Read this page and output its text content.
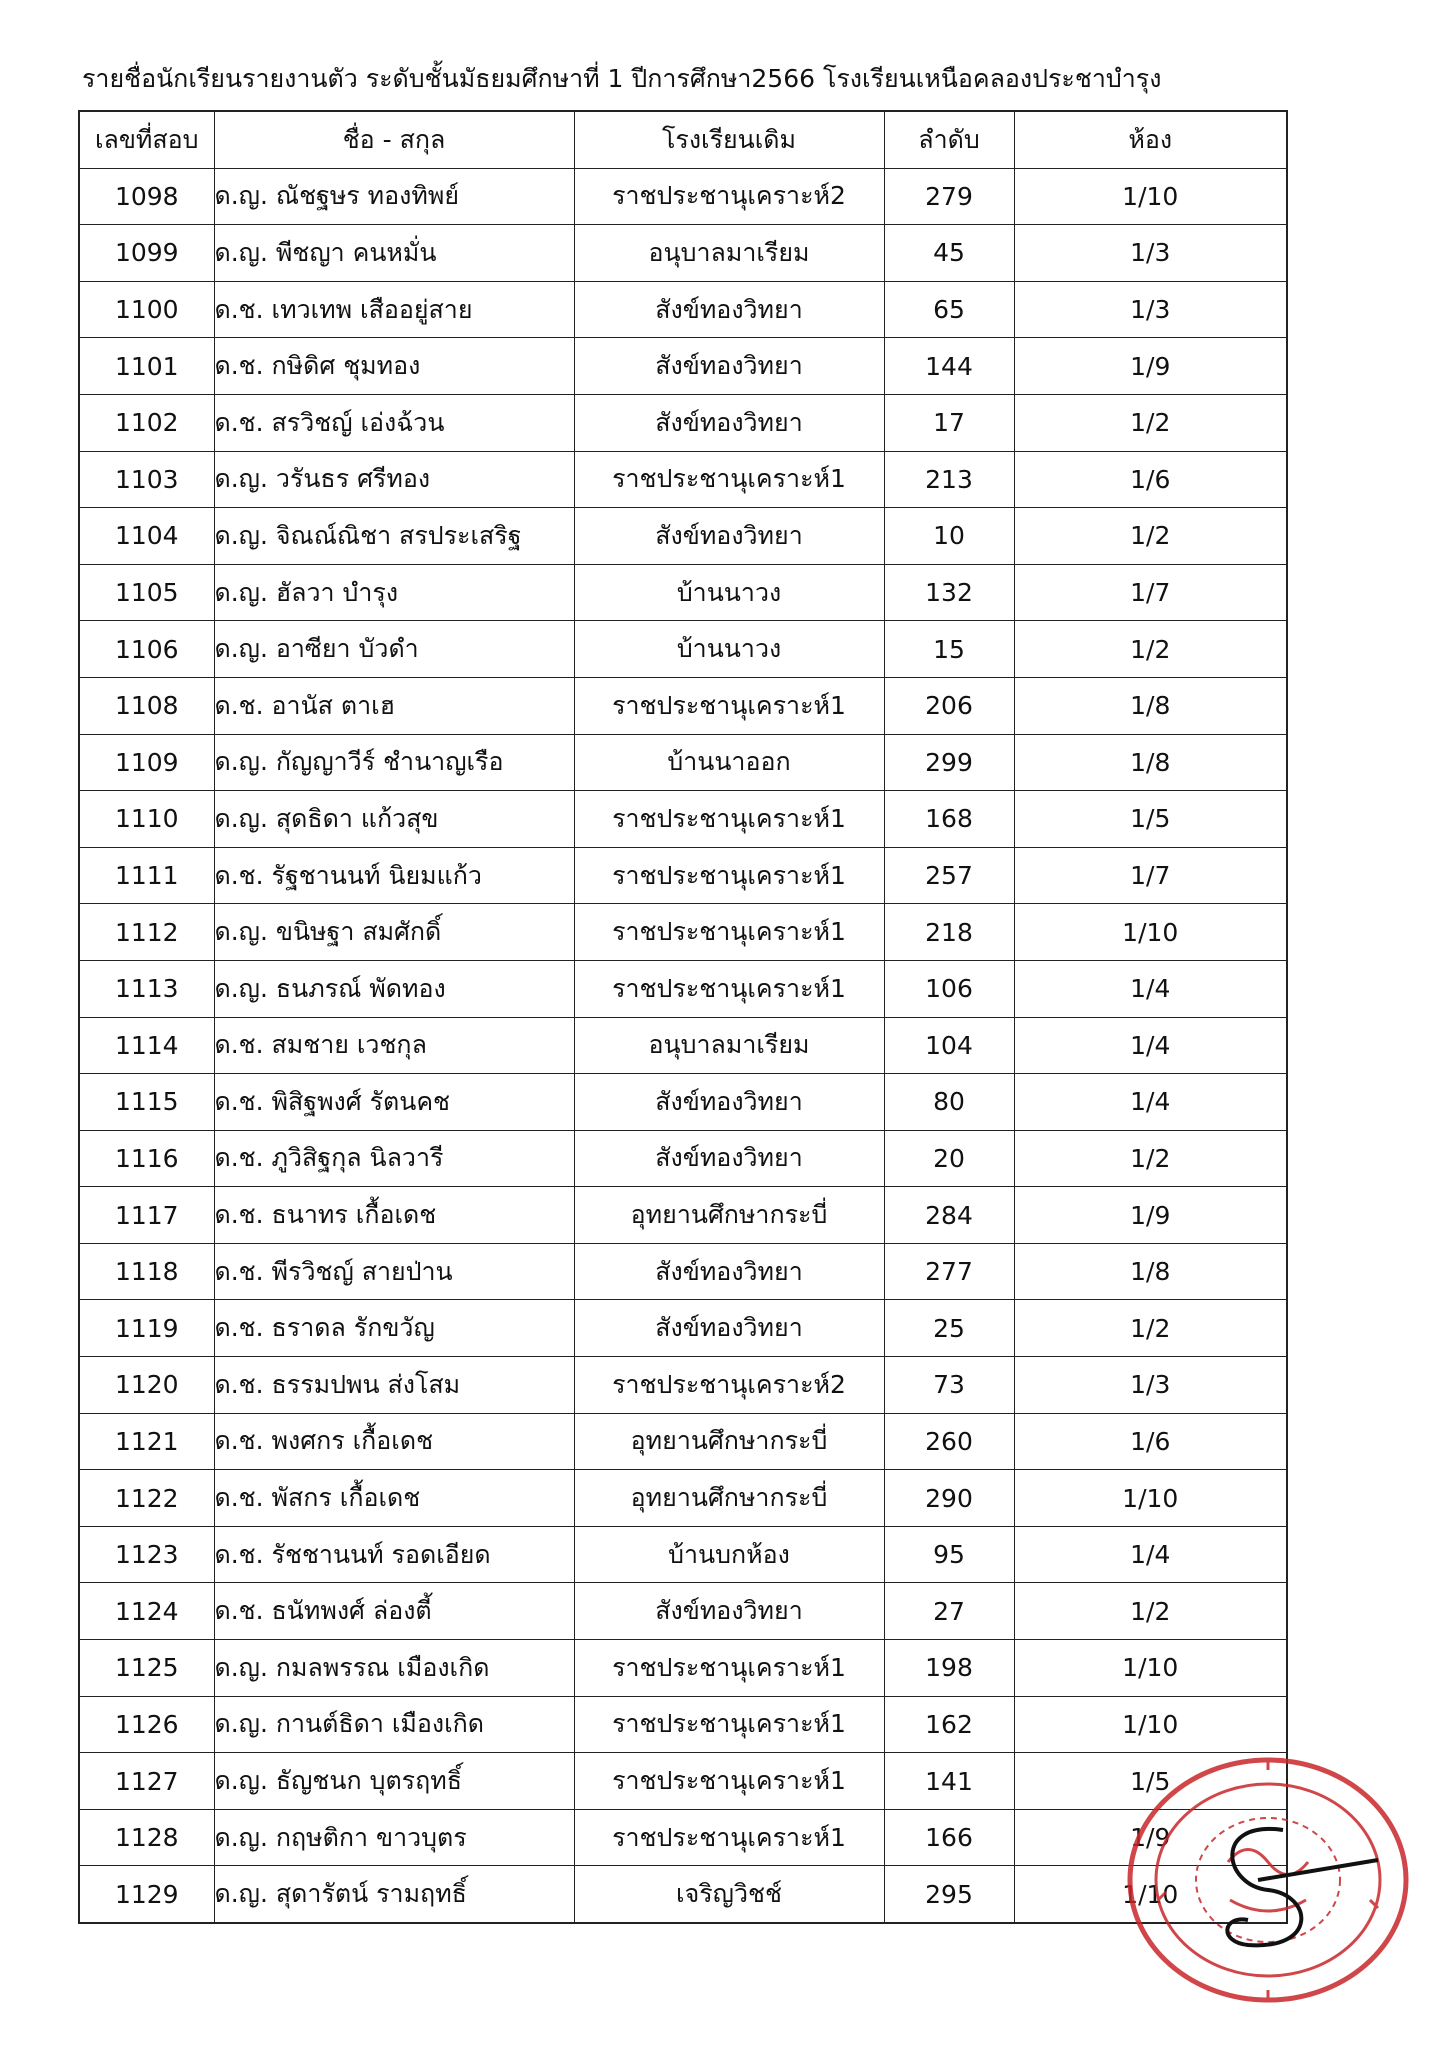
รายชื่อนักเรียนรายงานตัว ระดับชั้นมัธยมศึกษาที่ 1 ปีการศึกษา2566 โรงเรียนเหนือคลองประชาบำรุง
เลขที่สอบ	ชื่อ - สกุล	โรงเรียนเดิม	ลำดับ	ห้อง
1098	ด.ญ. ณัชฐษร ทองทิพย์	ราชประชานุเคราะห์2	279	1/10
1099	ด.ญ. พีชญา คนหมั่น	อนุบาลมาเรียม	45	1/3
1100	ด.ช. เทวเทพ เสืออยู่สาย	สังข์ทองวิทยา	65	1/3
1101	ด.ช. กษิดิศ ชุมทอง	สังข์ทองวิทยา	144	1/9
1102	ด.ช. สรวิชญ์ เอ่งฉ้วน	สังข์ทองวิทยา	17	1/2
1103	ด.ญ. วรันธร ศรีทอง	ราชประชานุเคราะห์1	213	1/6
1104	ด.ญ. จิณณ์ณิชา สรประเสริฐ	สังข์ทองวิทยา	10	1/2
1105	ด.ญ. ฮัลวา บำรุง	บ้านนาวง	132	1/7
1106	ด.ญ. อาซียา บัวดำ	บ้านนาวง	15	1/2
1108	ด.ช. อานัส ตาเฮ	ราชประชานุเคราะห์1	206	1/8
1109	ด.ญ. กัญญาวีร์ ชำนาญเรือ	บ้านนาออก	299	1/8
1110	ด.ญ. สุดธิดา แก้วสุข	ราชประชานุเคราะห์1	168	1/5
1111	ด.ช. รัฐชานนท์ นิยมแก้ว	ราชประชานุเคราะห์1	257	1/7
1112	ด.ญ. ขนิษฐา สมศักดิ์	ราชประชานุเคราะห์1	218	1/10
1113	ด.ญ. ธนภรณ์ พัดทอง	ราชประชานุเคราะห์1	106	1/4
1114	ด.ช. สมชาย เวชกุล	อนุบาลมาเรียม	104	1/4
1115	ด.ช. พิสิฐพงศ์ รัตนคช	สังข์ทองวิทยา	80	1/4
1116	ด.ช. ภูวิสิฐกุล นิลวารี	สังข์ทองวิทยา	20	1/2
1117	ด.ช. ธนาทร เกื้อเดช	อุทยานศึกษากระบี่	284	1/9
1118	ด.ช. พีรวิชญ์ สายป่าน	สังข์ทองวิทยา	277	1/8
1119	ด.ช. ธราดล รักขวัญ	สังข์ทองวิทยา	25	1/2
1120	ด.ช. ธรรมปพน ส่งโสม	ราชประชานุเคราะห์2	73	1/3
1121	ด.ช. พงศกร เกื้อเดช	อุทยานศึกษากระบี่	260	1/6
1122	ด.ช. พัสกร เกื้อเดช	อุทยานศึกษากระบี่	290	1/10
1123	ด.ช. รัชชานนท์ รอดเอียด	บ้านบกห้อง	95	1/4
1124	ด.ช. ธนัทพงศ์ ล่องตี้	สังข์ทองวิทยา	27	1/2
1125	ด.ญ. กมลพรรณ เมืองเกิด	ราชประชานุเคราะห์1	198	1/10
1126	ด.ญ. กานต์ธิดา เมืองเกิด	ราชประชานุเคราะห์1	162	1/10
1127	ด.ญ. ธัญชนก บุตรฤทธิ์	ราชประชานุเคราะห์1	141	1/5
1128	ด.ญ. กฤษติกา ขาวบุตร	ราชประชานุเคราะห์1	166	1/9
1129	ด.ญ. สุดารัตน์ รามฤทธิ์	เจริญวิชช์	295	1/10
